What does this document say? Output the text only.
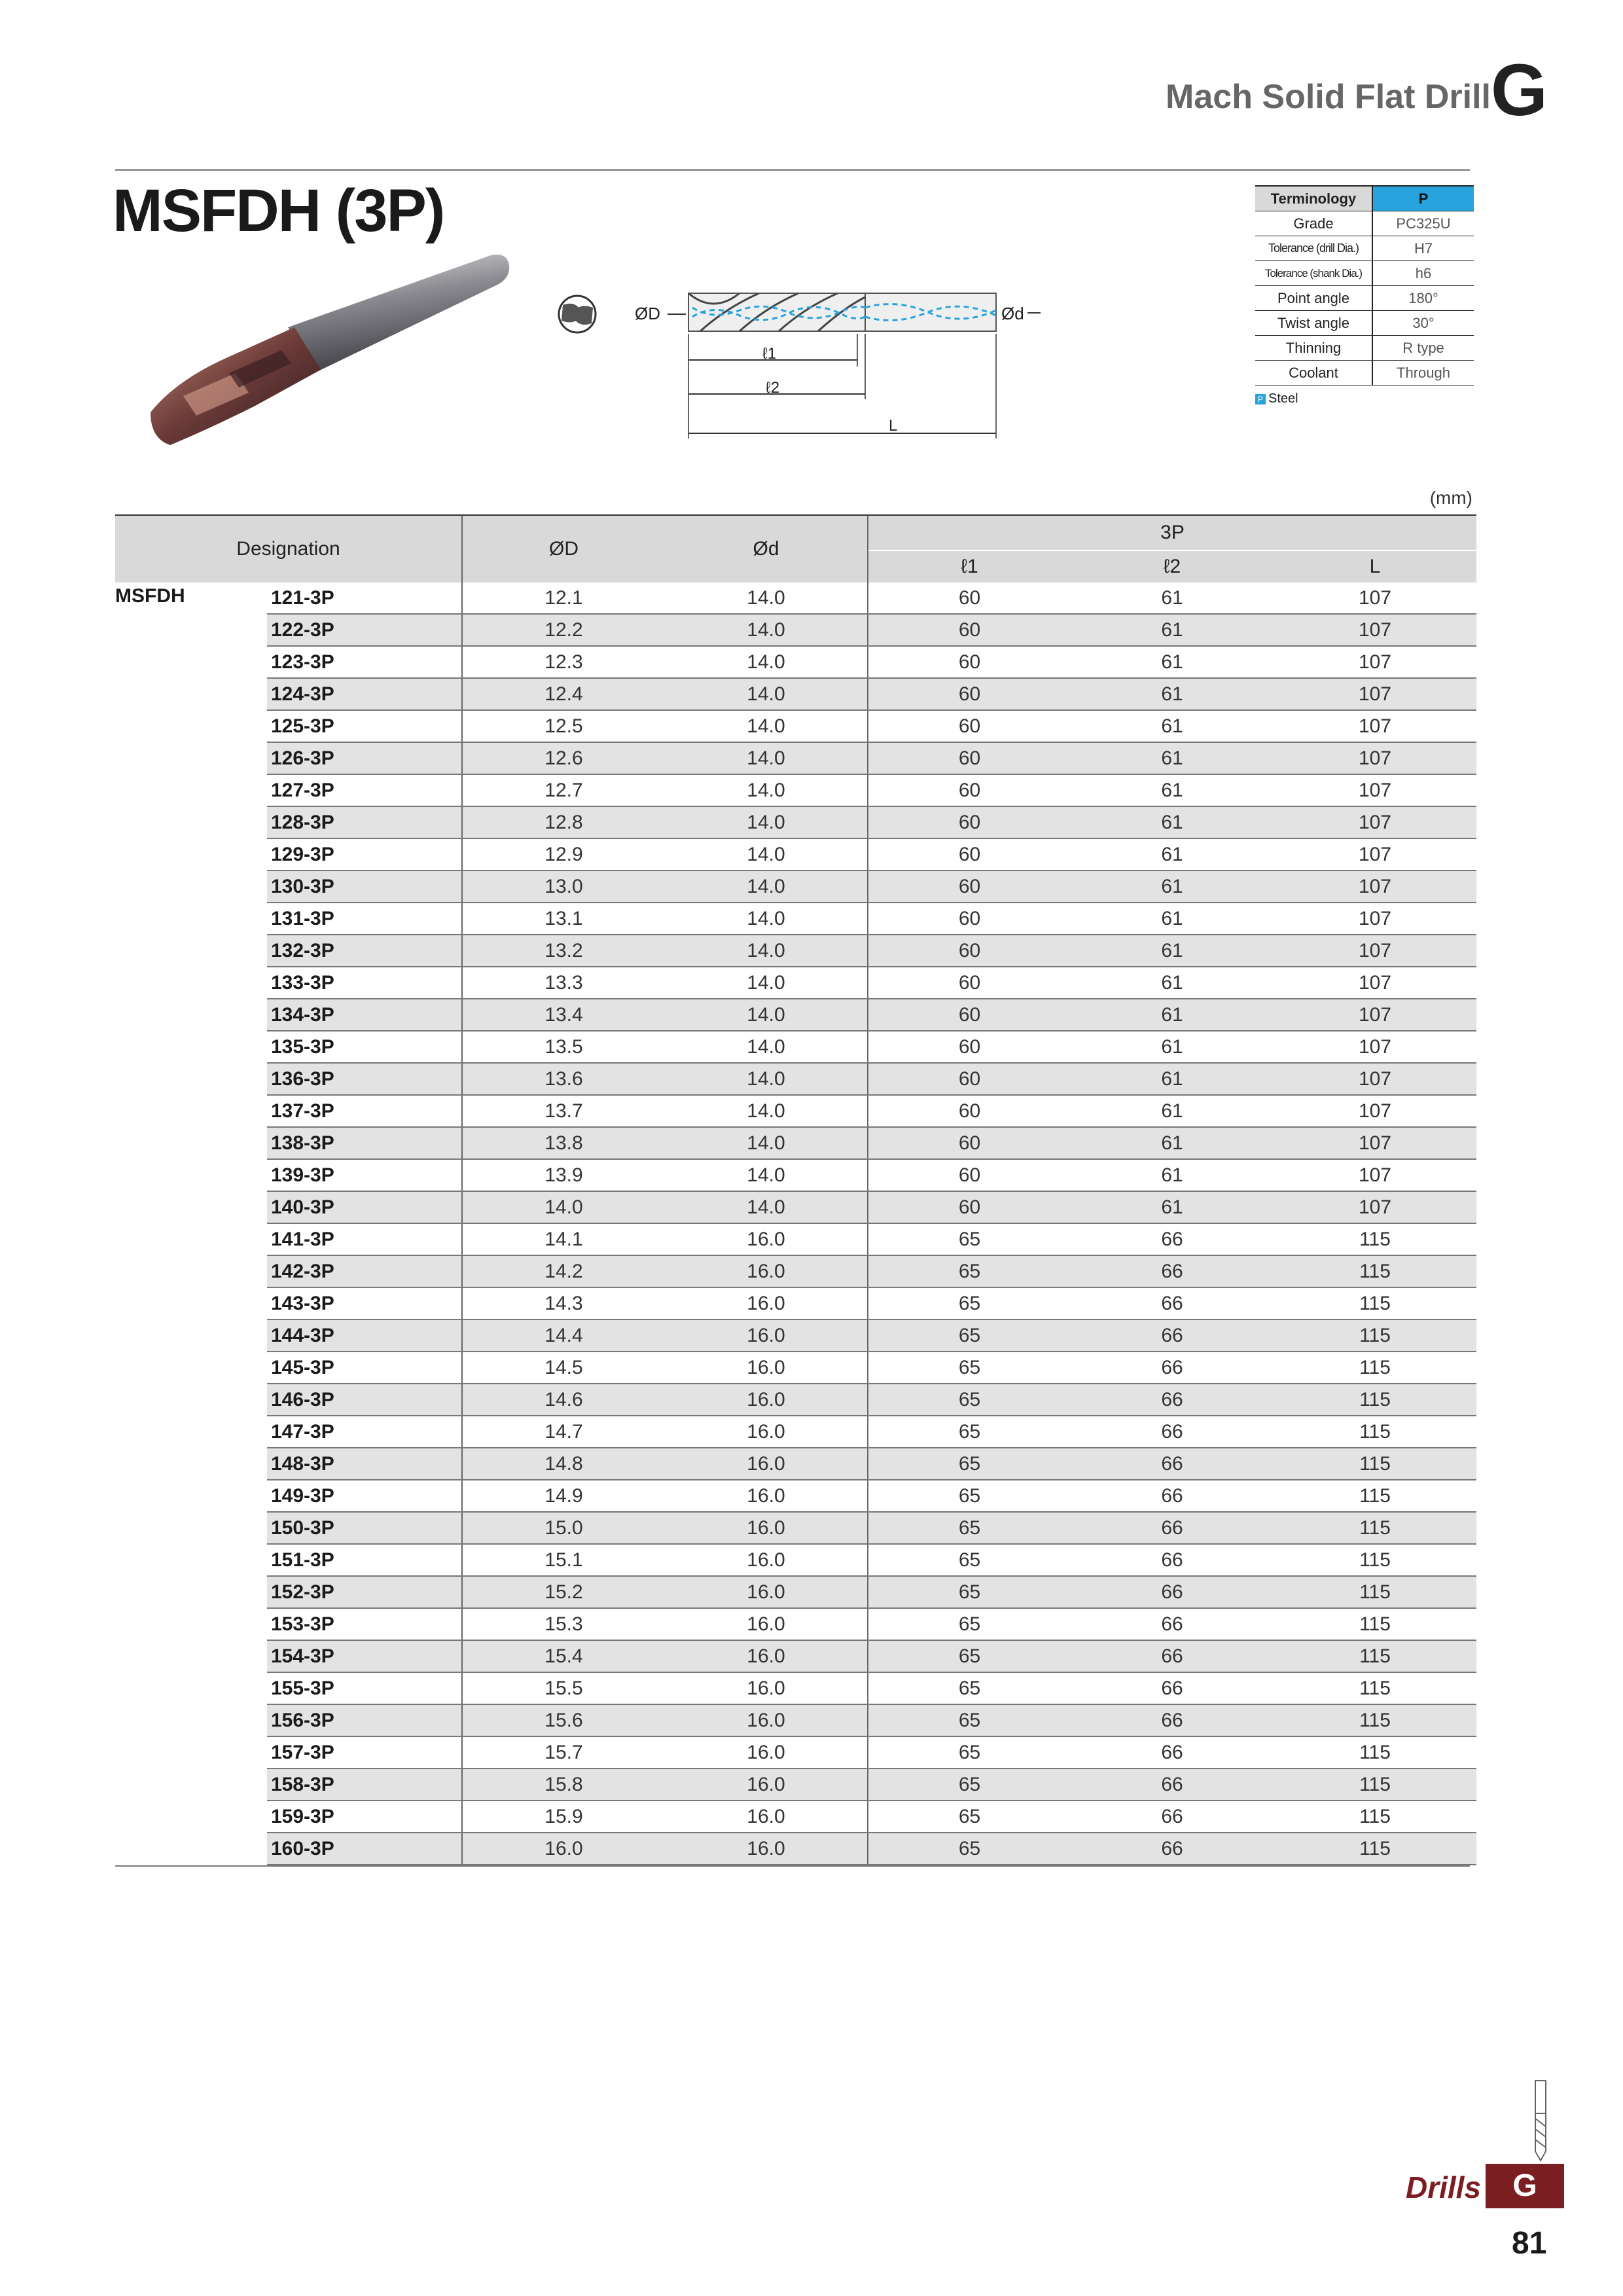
Mach Solid Flat Drill G
MSFDH (3P)
ØD	Ød
ℓ1
ℓ2
L
Terminology	P
Grade	PC325U
Tolerance (drill Dia.)	H7
Tolerance (shank Dia.)	h6
Point angle	180°
Twist angle	30°
Thinning	R type
Coolant	Through
P Steel
(mm)
Designation		ØD	Ød	3P		
				ℓ1	ℓ2	L
MSFDH	121-3P	12.1	14.0	60	61	107
	122-3P	12.2	14.0	60	61	107
	123-3P	12.3	14.0	60	61	107
	124-3P	12.4	14.0	60	61	107
	125-3P	12.5	14.0	60	61	107
	126-3P	12.6	14.0	60	61	107
	127-3P	12.7	14.0	60	61	107
	128-3P	12.8	14.0	60	61	107
	129-3P	12.9	14.0	60	61	107
	130-3P	13.0	14.0	60	61	107
	131-3P	13.1	14.0	60	61	107
	132-3P	13.2	14.0	60	61	107
	133-3P	13.3	14.0	60	61	107
	134-3P	13.4	14.0	60	61	107
	135-3P	13.5	14.0	60	61	107
	136-3P	13.6	14.0	60	61	107
	137-3P	13.7	14.0	60	61	107
	138-3P	13.8	14.0	60	61	107
	139-3P	13.9	14.0	60	61	107
	140-3P	14.0	14.0	60	61	107
	141-3P	14.1	16.0	65	66	115
	142-3P	14.2	16.0	65	66	115
	143-3P	14.3	16.0	65	66	115
	144-3P	14.4	16.0	65	66	115
	145-3P	14.5	16.0	65	66	115
	146-3P	14.6	16.0	65	66	115
	147-3P	14.7	16.0	65	66	115
	148-3P	14.8	16.0	65	66	115
	149-3P	14.9	16.0	65	66	115
	150-3P	15.0	16.0	65	66	115
	151-3P	15.1	16.0	65	66	115
	152-3P	15.2	16.0	65	66	115
	153-3P	15.3	16.0	65	66	115
	154-3P	15.4	16.0	65	66	115
	155-3P	15.5	16.0	65	66	115
	156-3P	15.6	16.0	65	66	115
	157-3P	15.7	16.0	65	66	115
	158-3P	15.8	16.0	65	66	115
	159-3P	15.9	16.0	65	66	115
	160-3P	16.0	16.0	65	66	115
Drills	G
81
